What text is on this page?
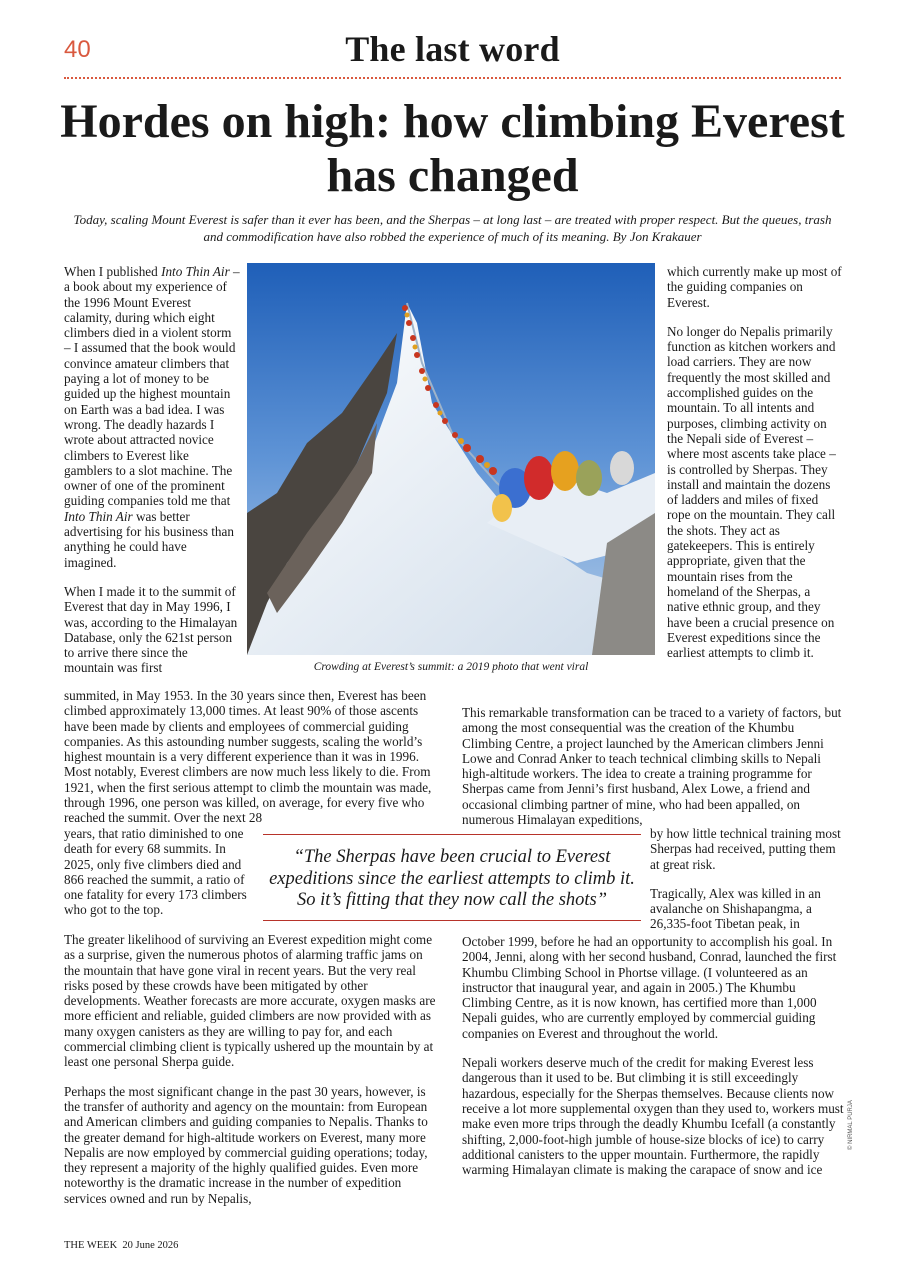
40	The last word
Hordes on high: how climbing Everest has changed
Today, scaling Mount Everest is safer than it ever has been, and the Sherpas – at long last – are treated with proper respect. But the queues, trash and commodification have also robbed the experience of much of its meaning. By Jon Krakauer

When I published Into Thin Air – a book about my experience of the 1996 Mount Everest calamity, during which eight climbers died in a violent storm – I assumed that the book would convince amateur climbers that paying a lot of money to be guided up the highest mountain on Earth was a bad idea. I was wrong. The deadly hazards I wrote about attracted novice climbers to Everest like gamblers to a slot machine. The owner of one of the prominent guiding companies told me that Into Thin Air was better advertising for his business than anything he could have imagined.

When I made it to the summit of Everest that day in May 1996, I was, according to the Himalayan Database, only the 621st person to arrive there since the mountain was first	Crowding at Everest’s summit: a 2019 photo that went viral

which currently make up most of the guiding companies on Everest.

No longer do Nepalis primarily function as kitchen workers and load carriers. They are now frequently the most skilled and accomplished guides on the mountain. To all intents and purposes, climbing activity on the Nepali side of Everest – where most ascents take place – is controlled by Sherpas. They install and maintain the dozens of ladders and miles of fixed rope on the mountain. They call the shots. They act as gatekeepers. This is entirely appropriate, given that the mountain rises from the homeland of the Sherpas, a native ethnic group, and they have been a crucial presence on Everest expeditions since the earliest attempts to climb it.

summited, in May 1953. In the 30 years since then, Everest has been climbed approximately 13,000 times. At least 90% of those ascents have been made by clients and employees of commercial guiding companies. As this astounding number suggests, scaling the world’s highest mountain is a very different experience than it was in 1996. Most notably, Everest climbers are now much less likely to die. From 1921, when the first serious attempt to climb the mountain was made, through 1996, one person was killed, on average, for every five who reached the summit. Over the next 28

years, that ratio diminished to one death for every 68 summits. In 2025, only five climbers died and 866 reached the summit, a ratio of one fatality for every 173 climbers who got to the top.

The greater likelihood of surviving an Everest expedition might come as a surprise, given the numerous photos of alarming traffic jams on the mountain that have gone viral in recent years. But the very real risks posed by these crowds have been mitigated by other developments. Weather forecasts are more accurate, oxygen masks are more efficient and reliable, guided climbers are now provided with as many oxygen canisters as they are willing to pay for, and each commercial climbing client is typically ushered up the mountain by at least one personal Sherpa guide.

Perhaps the most significant change in the past 30 years, however, is the transfer of authority and agency on the mountain: from European and American climbers and guiding companies to Nepalis. Thanks to the greater demand for high-altitude workers on Everest, many more Nepalis are now employed by commercial guiding operations; today, they represent a majority of the highly qualified guides. Even more noteworthy is the dramatic increase in the number of expedition services owned and run by Nepalis,

“The Sherpas have been crucial to Everest expeditions since the earliest attempts to climb it. So it’s fitting that they now call the shots”

This remarkable transformation can be traced to a variety of factors, but among the most consequential was the creation of the Khumbu Climbing Centre, a project launched by the American climbers Jenni Lowe and Conrad Anker to teach technical climbing skills to Nepali high-altitude workers. The idea to create a training programme for Sherpas came from Jenni’s first husband, Alex Lowe, a friend and occasional climbing partner of mine, who had been appalled, on numerous Himalayan expeditions,

by how little technical training most Sherpas had received, putting them at great risk.

Tragically, Alex was killed in an avalanche on Shishapangma, a 26,335-foot Tibetan peak, in

October 1999, before he had an opportunity to accomplish his goal. In 2004, Jenni, along with her second husband, Conrad, launched the first Khumbu Climbing School in Phortse village. (I volunteered as an instructor that inaugural year, and again in 2005.) The Khumbu Climbing Centre, as it is now known, has certified more than 1,000 Nepali guides, who are currently employed by commercial guiding companies on Everest and throughout the world.

Nepali workers deserve much of the credit for making Everest less dangerous than it used to be. But climbing it is still exceedingly hazardous, especially for the Sherpas themselves. Because clients now receive a lot more supplemental oxygen than they used to, workers must make even more trips through the deadly Khumbu Icefall (a constantly shifting, 2,000-foot-high jumble of house-size blocks of ice) to carry additional canisters to the upper mountain. Furthermore, the rapidly warming Himalayan climate is making the carapace of snow and ice

© NIRMAL PURJA
THE WEEK 20 June 2026
